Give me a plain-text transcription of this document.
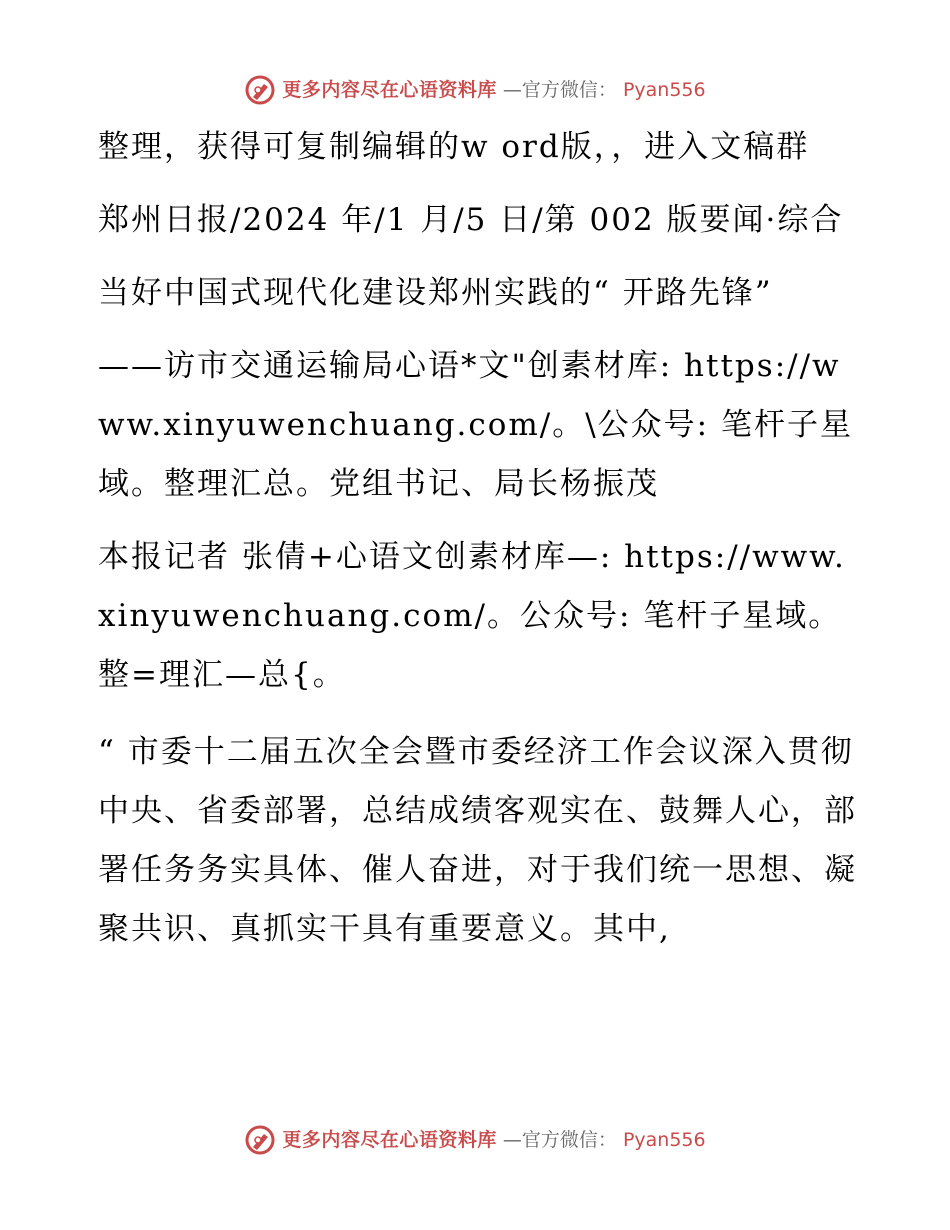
更多内容尽在心语资料库 —官方微信： Pyan556

整理，获得可复制编辑的w ord版，，进入文稿群

郑州日报/2024 年/1 月/5 日/第 002 版要闻·综合

当好中国式现代化建设郑州实践的“ 开路先锋”

——访市交通运输局心语*文"创素材库: https://www.xinyuwenchuang.com/。\公众号: 笔杆子星域。整理汇总。党组书记、局长杨振茂

本报记者 张倩+心语文创素材库—: https://www.xinyuwenchuang.com/。公众号: 笔杆子星域。整=理汇—总{。

“ 市委十二届五次全会暨市委经济工作会议深入贯彻中央、省委部署，总结成绩客观实在、鼓舞人心，部署任务务实具体、催人奋进，对于我们统一思想、凝聚共识、真抓实干具有重要意义。其中,

更多内容尽在心语资料库 —官方微信： Pyan556
